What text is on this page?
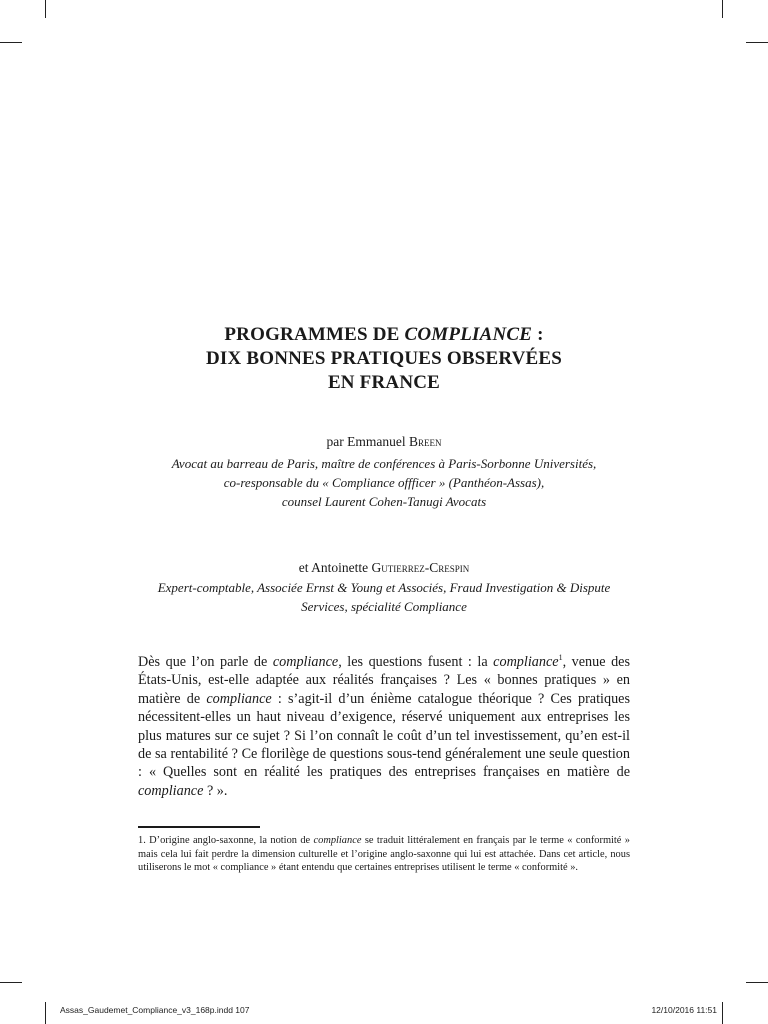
PROGRAMMES DE COMPLIANCE :
DIX BONNES PRATIQUES OBSERVÉES
EN FRANCE
par Emmanuel Breen
Avocat au barreau de Paris, maître de conférences à Paris-Sorbonne Universités,
co-responsable du « Compliance offficer » (Panthéon-Assas),
counsel Laurent Cohen-Tanugi Avocats
et Antoinette Gutierrez-Crespin
Expert-comptable, Associée Ernst & Young et Associés, Fraud Investigation & Dispute
Services, spécialité Compliance
Dès que l’on parle de compliance, les questions fusent : la compliance$^1$, venue des États-Unis, est-elle adaptée aux réalités françaises ? Les « bonnes pratiques » en matière de compliance : s’agit-il d’un énième catalogue théorique ? Ces pratiques nécessitent-elles un haut niveau d’exigence, réservé uniquement aux entreprises les plus matures sur ce sujet ? Si l’on connaît le coût d’un tel investissement, qu’en est-il de sa rentabilité ? Ce florilège de questions sous-tend généralement une seule question : « Quelles sont en réalité les pratiques des entreprises françaises en matière de compliance ? ».
1. D’origine anglo-saxonne, la notion de compliance se traduit littéralement en français par le terme « conformité » mais cela lui fait perdre la dimension culturelle et l’origine anglo-saxonne qui lui est attachée. Dans cet article, nous utiliserons le mot « compliance » étant entendu que certaines entreprises utilisent le terme « conformité ».
Assas_Gaudemet_Compliance_v3_168p.indd 107	12/10/2016 11:51
